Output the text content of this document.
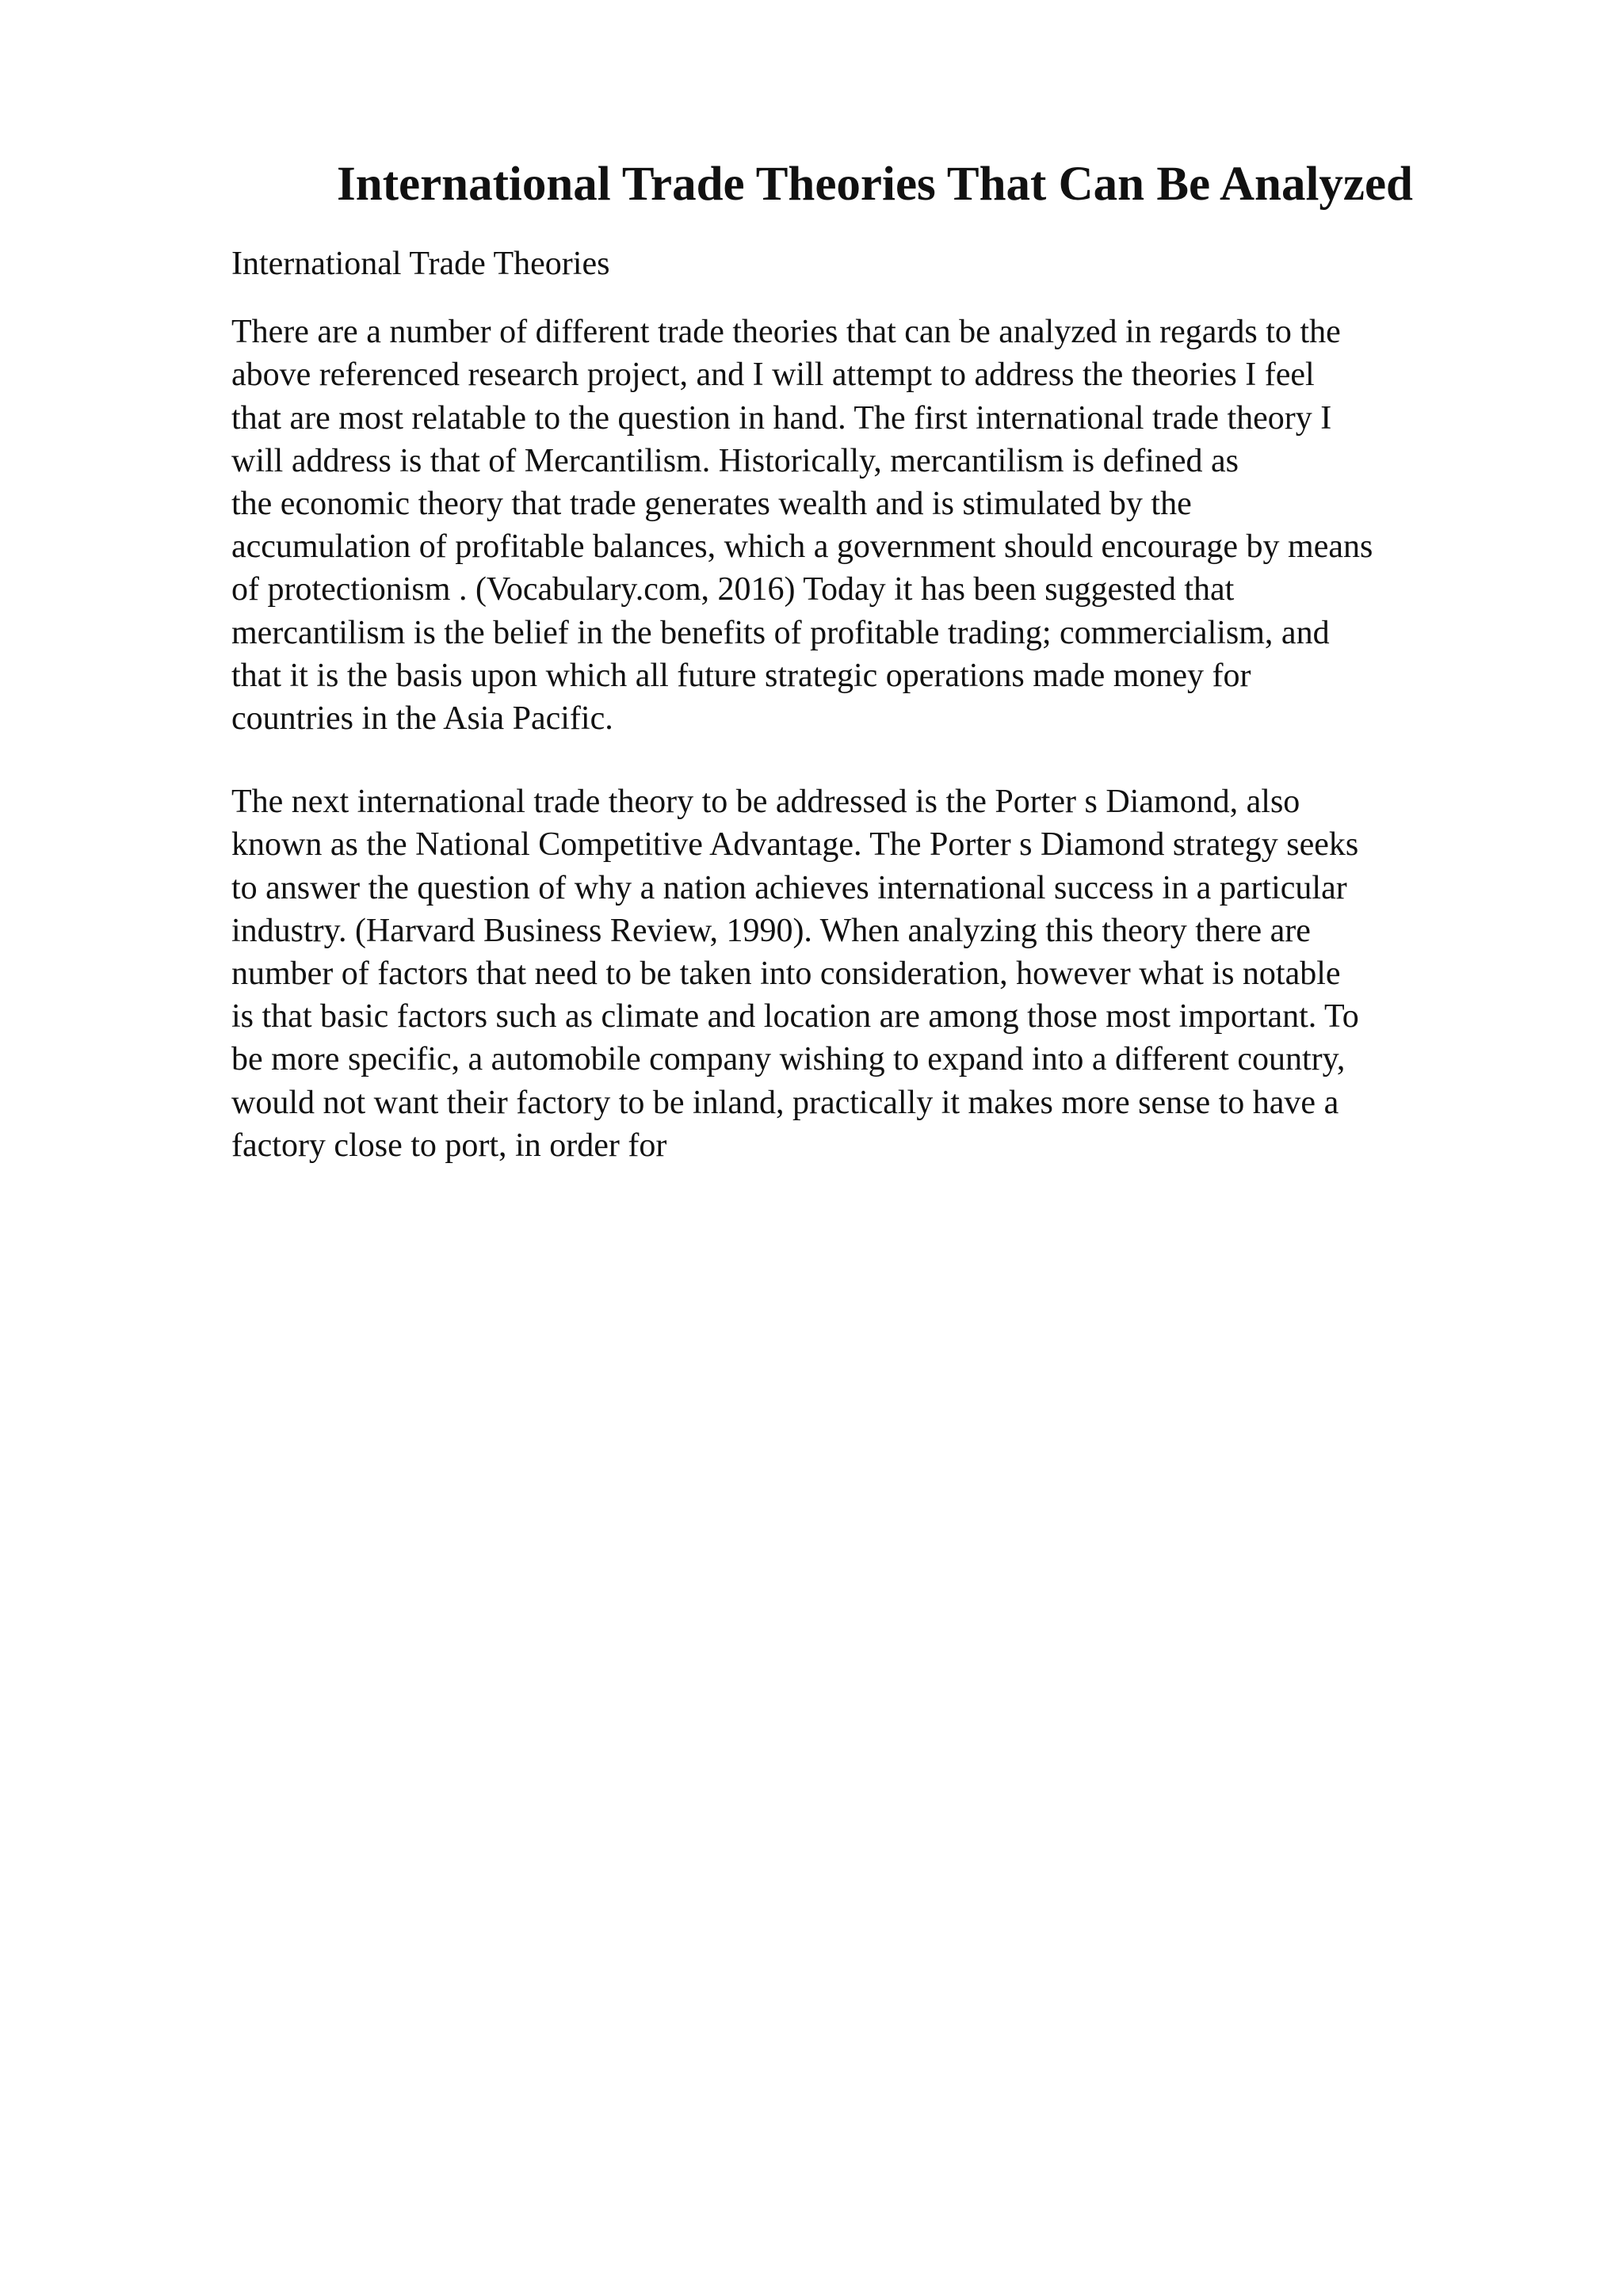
International Trade Theories That Can Be Analyzed

International Trade Theories

There are a number of different trade theories that can be analyzed in regards to the
above referenced research project, and I will attempt to address the theories I feel
that are most relatable to the question in hand. The first international trade theory I
will address is that of Mercantilism. Historically, mercantilism is defined as
the economic theory that trade generates wealth and is stimulated by the
accumulation of profitable balances, which a government should encourage by means
of protectionism . (Vocabulary.com, 2016) Today it has been suggested that
mercantilism is the belief in the benefits of profitable trading; commercialism, and
that it is the basis upon which all future strategic operations made money for
countries in the Asia Pacific.
The next international trade theory to be addressed is the Porter s Diamond, also
known as the National Competitive Advantage. The Porter s Diamond strategy seeks
to answer the question of why a nation achieves international success in a particular
industry. (Harvard Business Review, 1990). When analyzing this theory there are
number of factors that need to be taken into consideration, however what is notable
is that basic factors such as climate and location are among those most important. To
be more specific, a automobile company wishing to expand into a different country,
would not want their factory to be inland, practically it makes more sense to have a
factory close to port, in order for
